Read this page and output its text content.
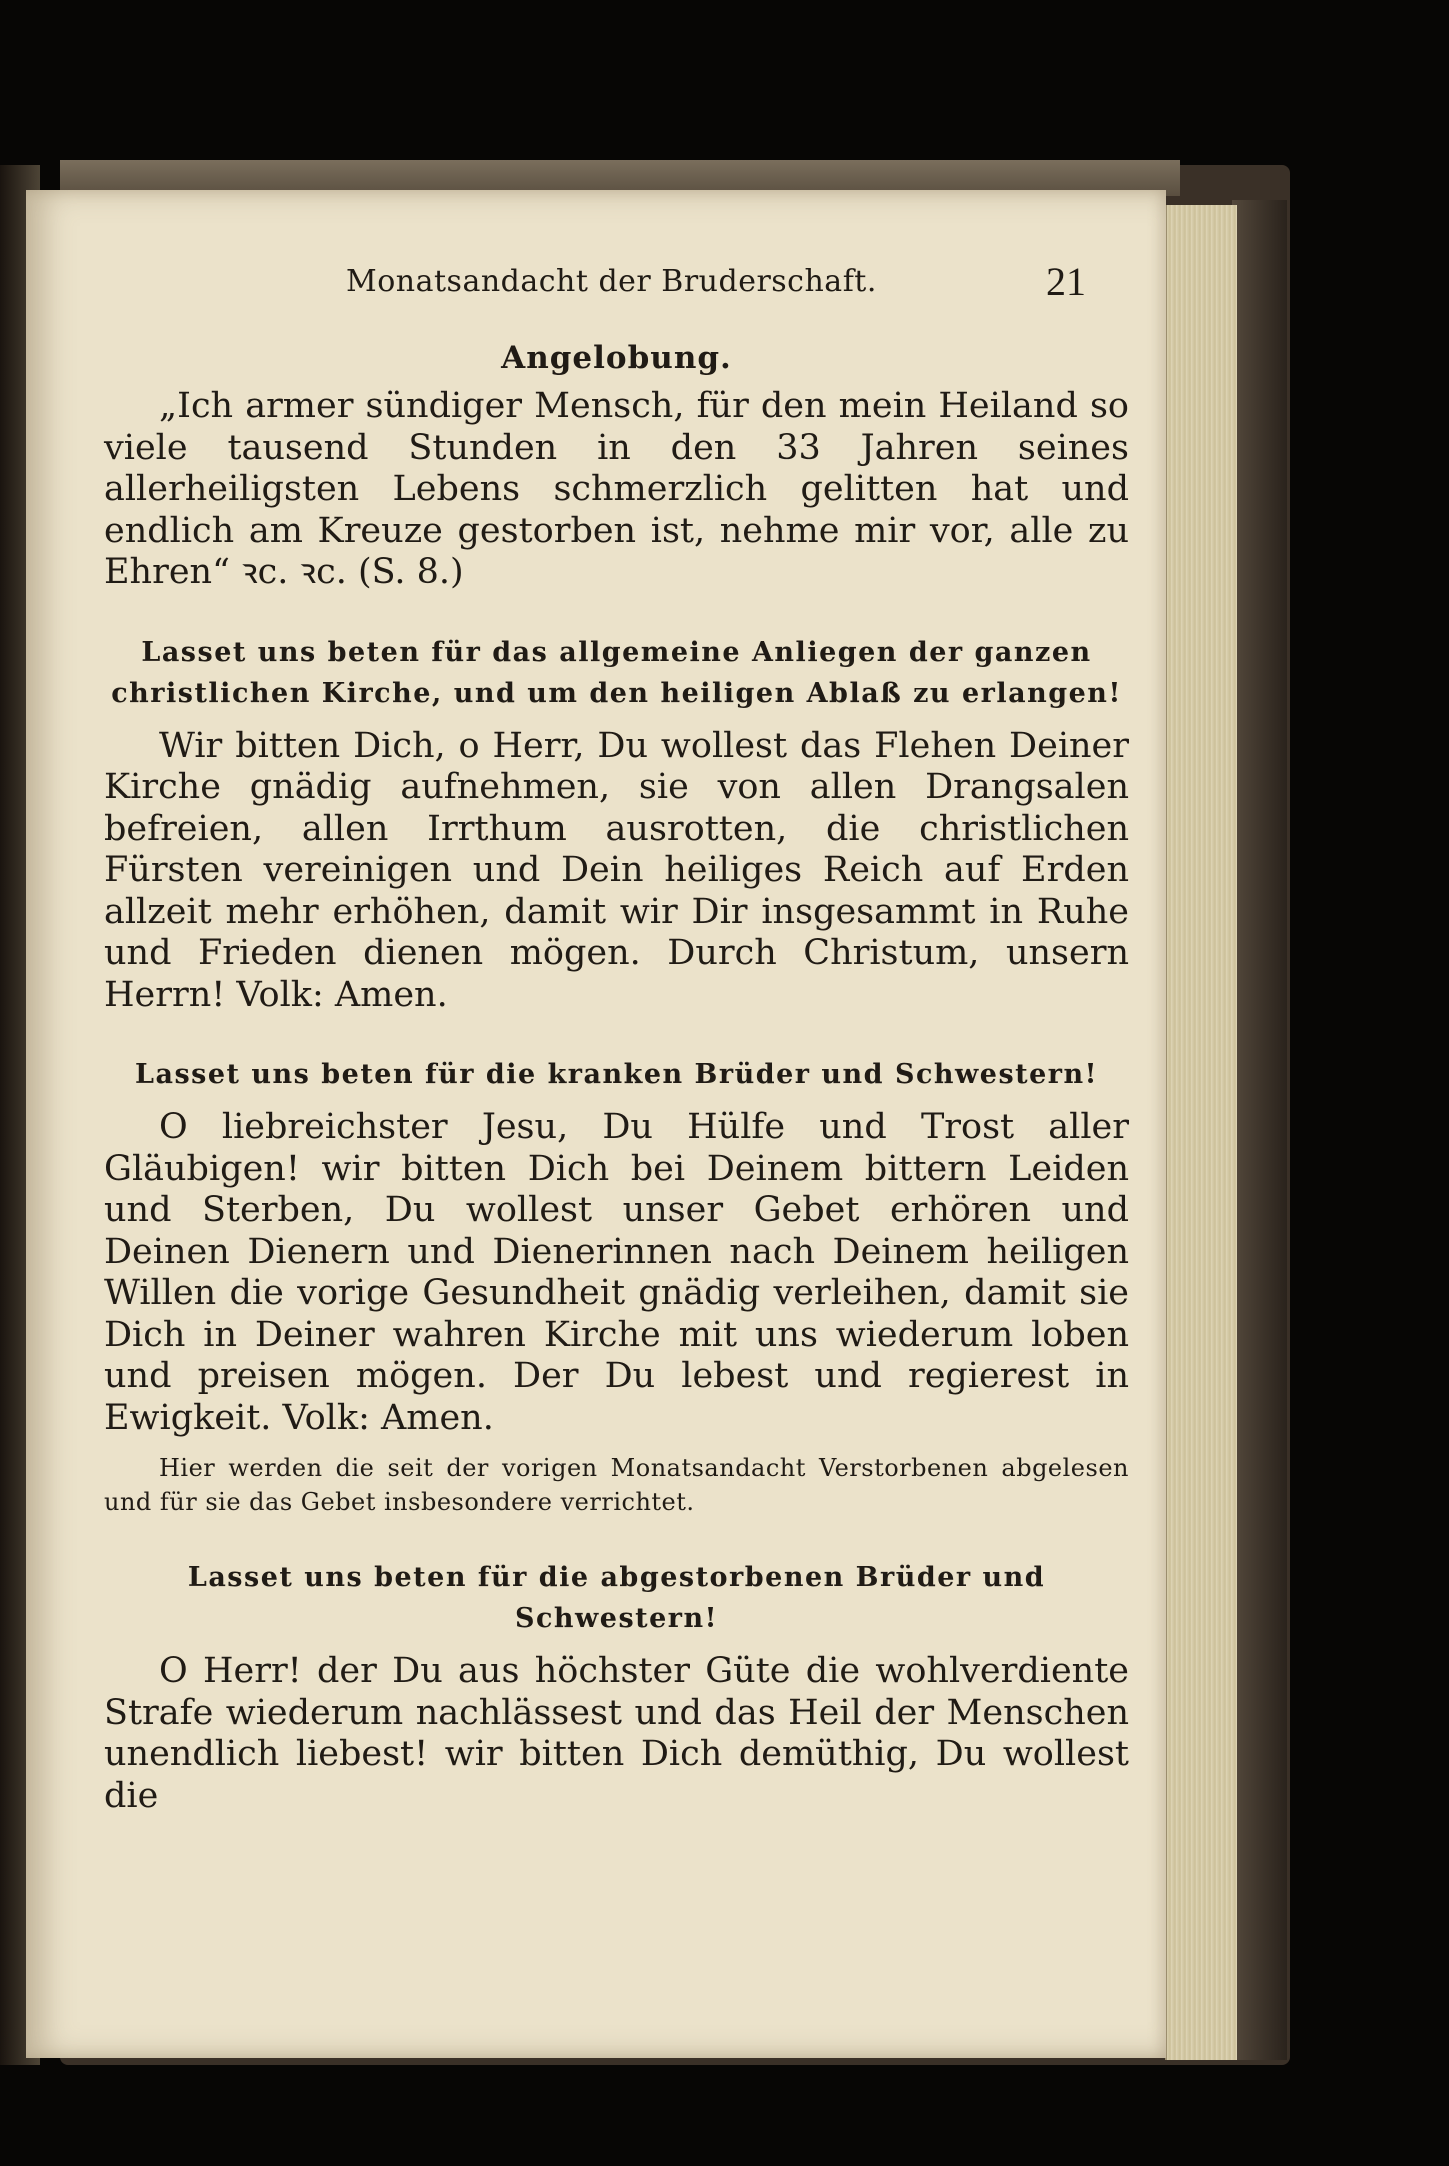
Monatsandacht der Bruderschaft.	21
Angelobung.

„Ich armer sündiger Mensch, für den mein Heiland so viele tausend Stunden in den 33 Jahren seines allerheiligsten Lebens schmerzlich gelitten hat und endlich am Kreuze gestorben ist, nehme mir vor, alle zu Ehren“ ꝛc. ꝛc. (S. 8.)

Lasset uns beten für das allgemeine Anliegen der ganzen christlichen Kirche, und um den heiligen Ablaß zu erlangen!

Wir bitten Dich, o Herr, Du wollest das Flehen Deiner Kirche gnädig aufnehmen, sie von allen Drangsalen befreien, allen Irrthum ausrotten, die christlichen Fürsten vereinigen und Dein heiliges Reich auf Erden allzeit mehr erhöhen, damit wir Dir insgesammt in Ruhe und Frieden dienen mögen. Durch Christum, unsern Herrn! Volk: Amen.

Lasset uns beten für die kranken Brüder und Schwestern!

O liebreichster Jesu, Du Hülfe und Trost aller Gläubigen! wir bitten Dich bei Deinem bittern Leiden und Sterben, Du wollest unser Gebet erhören und Deinen Dienern und Dienerinnen nach Deinem heiligen Willen die vorige Gesundheit gnädig verleihen, damit sie Dich in Deiner wahren Kirche mit uns wiederum loben und preisen mögen. Der Du lebest und regierest in Ewigkeit. Volk: Amen.

Hier werden die seit der vorigen Monatsandacht Verstorbenen abgelesen und für sie das Gebet insbesondere verrichtet.

Lasset uns beten für die abgestorbenen Brüder und Schwestern!

O Herr! der Du aus höchster Güte die wohlverdiente Strafe wiederum nachlässest und das Heil der Menschen unendlich liebest! wir bitten Dich demüthig, Du wollest die
